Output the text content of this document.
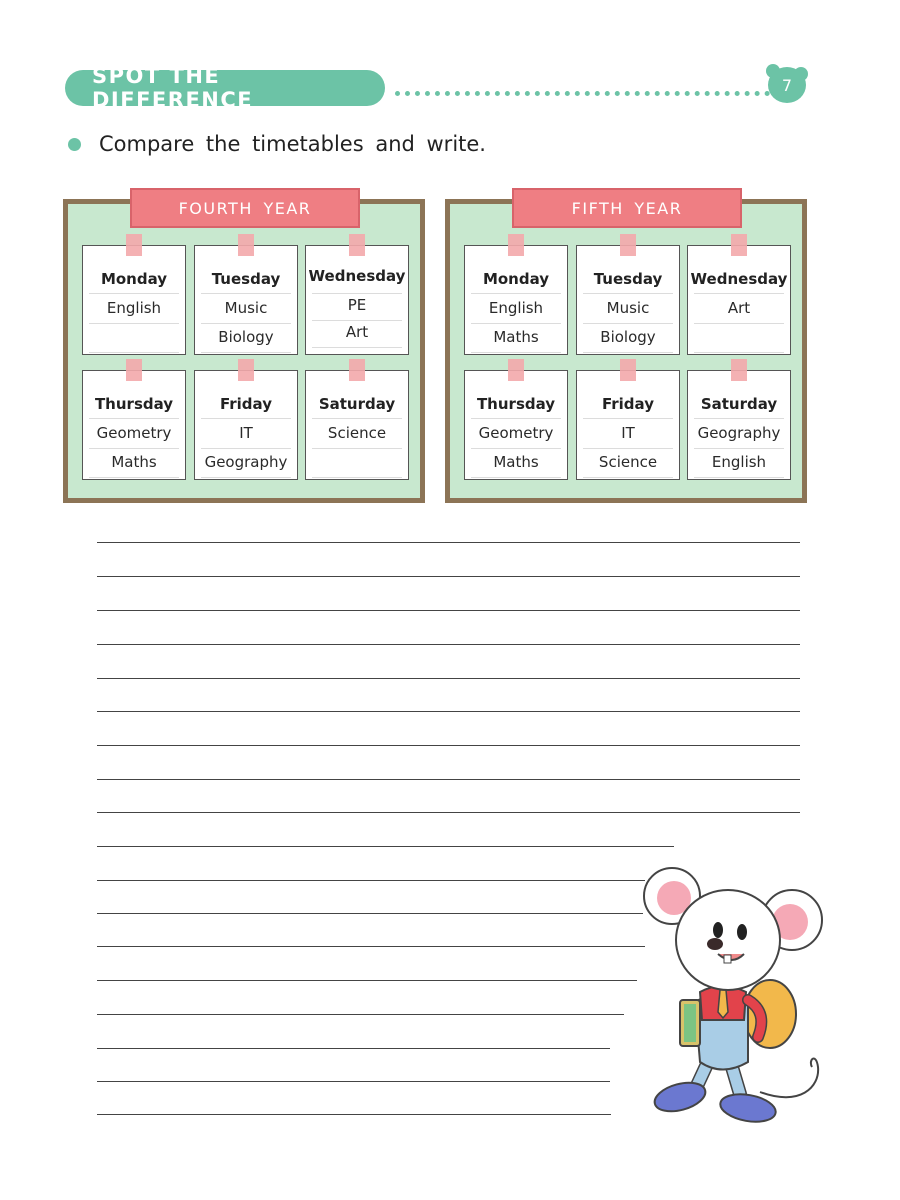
SPOT THE DIFFERENCE
7
Compare the timetables and write.
FOURTH YEAR
Monday
English
Tuesday
Music
Biology
Wednesday
PE
Art
Thursday
Geometry
Maths
Friday
IT
Geography
Saturday
Science
FIFTH YEAR
Monday
English
Maths
Tuesday
Music
Biology
Wednesday
Art
Thursday
Geometry
Maths
Friday
IT
Science
Saturday
Geography
English
